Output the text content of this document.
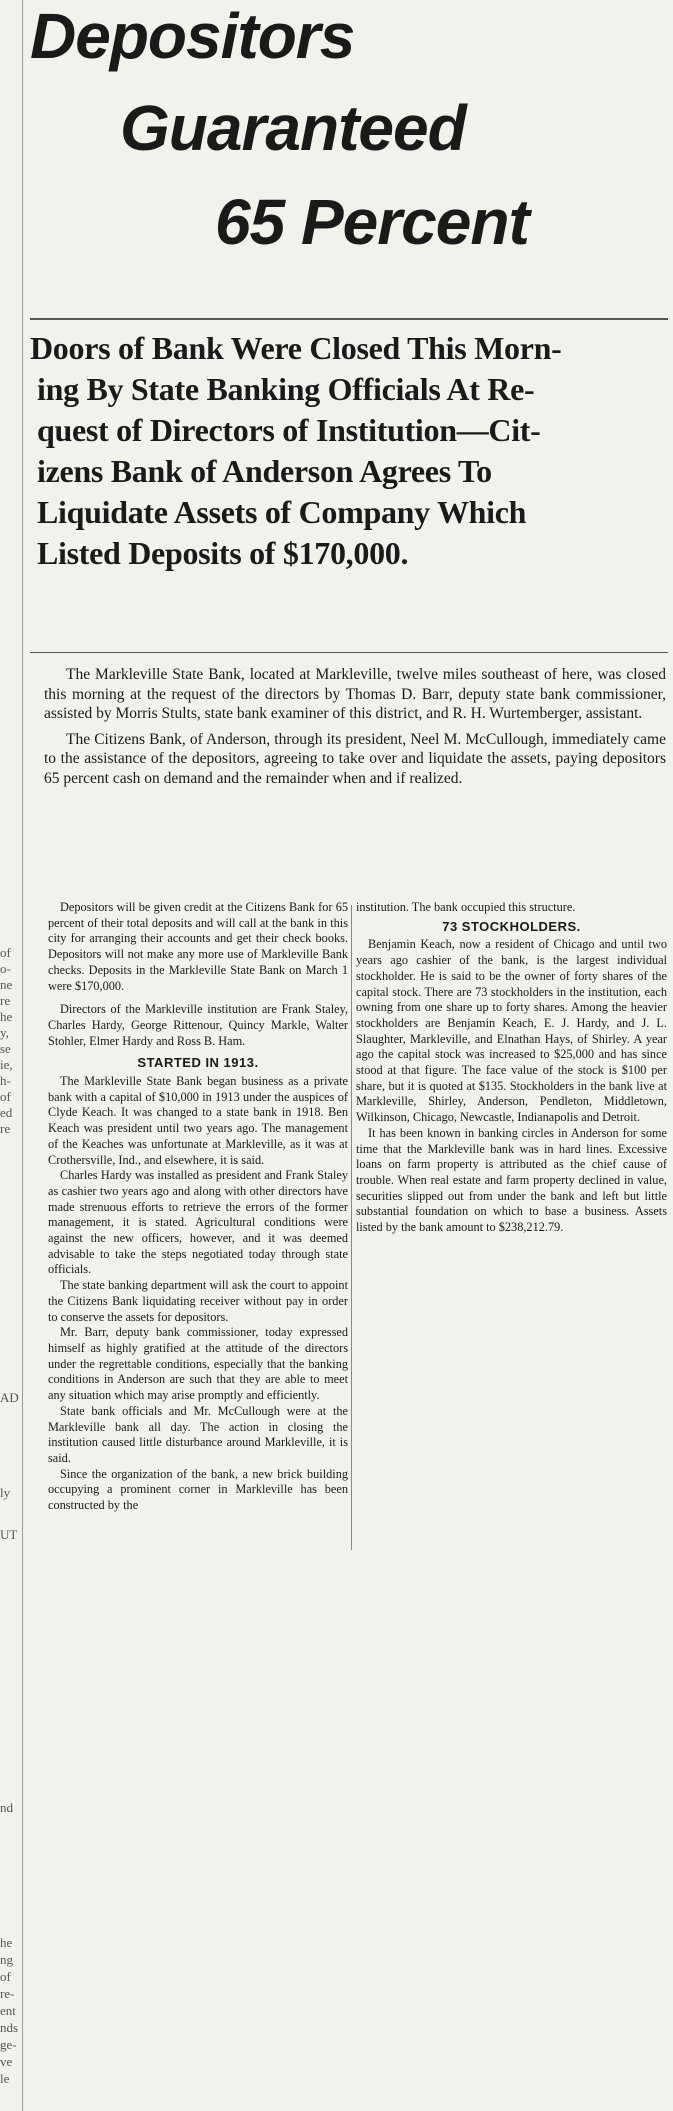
of
o-
ne
re
he
y,
se
ie,
h-
of
ed
re
AD
ly
UT
nd
he
ng
of
re-
ent
nds
ge-
ve
le
Depositors
Guaranteed
65 Percent
Doors of Bank Were Closed This Morn-
ing By State Banking Officials At Re-
quest of Directors of Institution—Cit-
izens Bank of Anderson Agrees To
Liquidate Assets of Company Which
Listed Deposits of $170,000.

The Markleville State Bank, located at Markleville, twelve miles southeast of here, was closed this morning at the request of the directors by Thomas D. Barr, deputy state bank commissioner, assisted by Morris Stults, state bank examiner of this district, and R. H. Wurtemberger, assistant.

The Citizens Bank, of Anderson, through its president, Neel M. McCullough, immediately came to the assistance of the depositors, agreeing to take over and liquidate the assets, paying depositors 65 percent cash on demand and the remainder when and if realized.

Depositors will be given credit at the Citizens Bank for 65 percent of their total deposits and will call at the bank in this city for arranging their accounts and get their check books. Depositors will not make any more use of Markleville Bank checks. Deposits in the Markleville State Bank on March 1 were $170,000.

Directors of the Markleville institution are Frank Staley, Charles Hardy, George Rittenour, Quincy Markle, Walter Stohler, Elmer Hardy and Ross B. Ham.

STARTED IN 1913.

The Markleville State Bank began business as a private bank with a capital of $10,000 in 1913 under the auspices of Clyde Keach. It was changed to a state bank in 1918. Ben Keach was president until two years ago. The management of the Keaches was unfortunate at Markleville, as it was at Crothersville, Ind., and elsewhere, it is said.

Charles Hardy was installed as president and Frank Staley as cashier two years ago and along with other directors have made strenuous efforts to retrieve the errors of the former management, it is stated. Agricultural conditions were against the new officers, however, and it was deemed advisable to take the steps negotiated today through state officials.

The state banking department will ask the court to appoint the Citizens Bank liquidating receiver without pay in order to conserve the assets for depositors.

Mr. Barr, deputy bank commissioner, today expressed himself as highly gratified at the attitude of the directors under the regrettable conditions, especially that the banking conditions in Anderson are such that they are able to meet any situation which may arise promptly and efficiently.

State bank officials and Mr. McCullough were at the Markleville bank all day. The action in closing the institution caused little disturbance around Markleville, it is said.

Since the organization of the bank, a new brick building occupying a prominent corner in Markleville has been constructed by the

institution. The bank occupied this structure.

73 STOCKHOLDERS.

Benjamin Keach, now a resident of Chicago and until two years ago cashier of the bank, is the largest individual stockholder. He is said to be the owner of forty shares of the capital stock. There are 73 stockholders in the institution, each owning from one share up to forty shares. Among the heavier stockholders are Benjamin Keach, E. J. Hardy, and J. L. Slaughter, Markleville, and Elnathan Hays, of Shirley. A year ago the capital stock was increased to $25,000 and has since stood at that figure. The face value of the stock is $100 per share, but it is quoted at $135. Stockholders in the bank live at Markleville, Shirley, Anderson, Pendleton, Middletown, Wilkinson, Chicago, Newcastle, Indianapolis and Detroit.

It has been known in banking circles in Anderson for some time that the Markleville bank was in hard lines. Excessive loans on farm property is attributed as the chief cause of trouble. When real estate and farm property declined in value, securities slipped out from under the bank and left but little substantial foundation on which to base a business. Assets listed by the bank amount to $238,212.79.
